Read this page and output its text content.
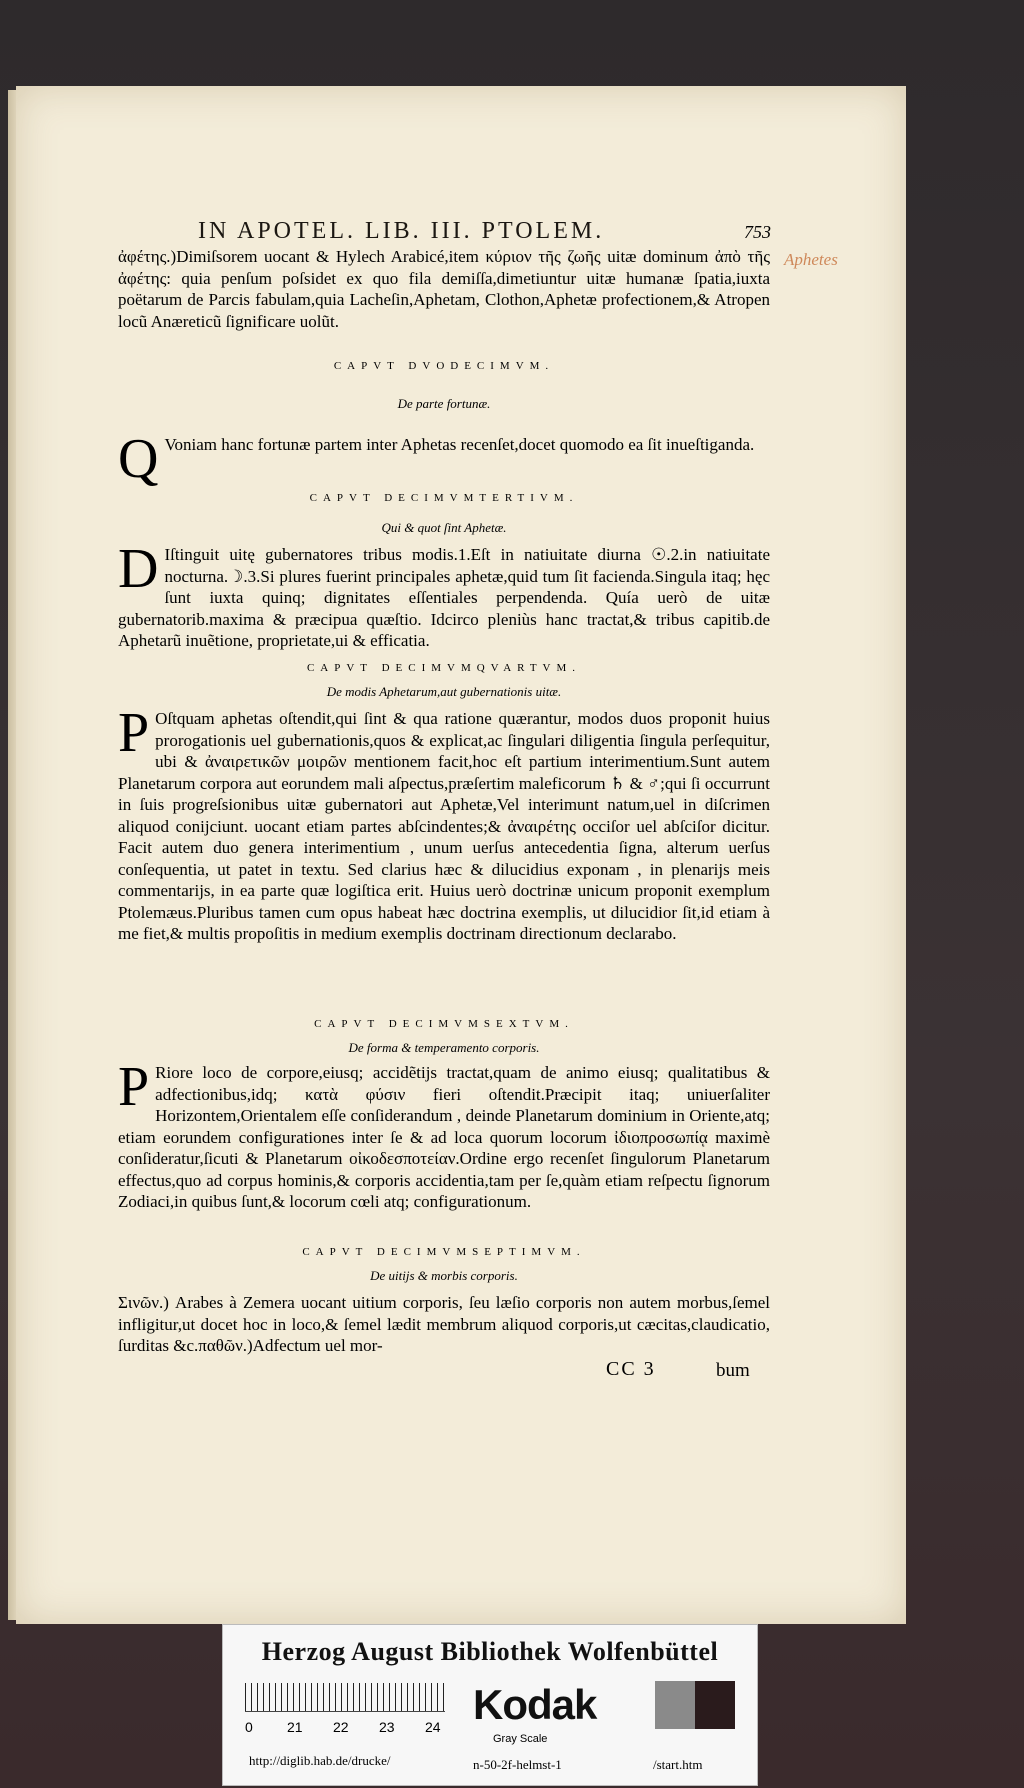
IN APOTEL. LIB. III. PTOLEM.	753
Aphetes
ἀφέτης.)Dimiſsorem uocant & Hylech Arabicé,item κύριον τῆς ζωῆς uitæ dominum ἀπὸ τῆς ἀφέτης: quia penſum poſsidet ex quo fila demiſſa,dimetiuntur uitæ humanæ ſpatia,iuxta poëtarum de Parcis fabulam,quia Lacheſin,Aphetam, Clothon,Aphetæ profectionem,& Atropen locũ Anæreticũ ſignificare uolũt.
CAPVT DVODECIMVM.
De parte fortunæ.
Q Voniam hanc fortunæ partem inter Aphetas recenſet,docet quomodo ea ſit inueſtiganda.
CAPVT DECIMVMTERTIVM.
Qui & quot ſint Aphetæ.
D Iſtinguit uitę gubernatores tribus modis.1.Eſt in natiuitate diurna ☉.2.in natiuitate nocturna.☽.3.Si plures fuerint principales aphetæ,quid tum ſit facienda.Singula itaq; hęc ſunt iuxta quinq; dignitates eſſentiales perpendenda. Quía uerò de uitæ gubernatorib.maxima & præcipua quæſtio. Idcirco pleniùs hanc tractat,& tribus capitib.de Aphetarũ inuẽtione, proprietate,ui & efficatia.
CAPVT DECIMVMQVARTVM.
De modis Aphetarum,aut gubernationis uitæ.
P Oſtquam aphetas oſtendit,qui ſint & qua ratione quærantur, modos duos proponit huius prorogationis uel gubernationis,quos & explicat,ac ſingulari diligentia ſingula perſequitur, ubi & ἀναιρετικῶν μοιρῶν mentionem facit,hoc eſt partium interimentium.Sunt autem Planetarum corpora aut eorundem mali aſpectus,præſertim maleficorum ♄ & ♂;qui ſi occurrunt in ſuis progreſsionibus uitæ gubernatori aut Aphetæ,Vel interimunt natum,uel in diſcrimen aliquod conijciunt. uocant etiam partes abſcindentes;& ἀναιρέτης occiſor uel abſciſor dicitur. Facit autem duo genera interimentium , unum uerſus antecedentia ſigna, alterum uerſus conſequentia, ut patet in textu. Sed clarius hæc & dilucidius exponam , in plenarijs meis commentarijs, in ea parte quæ logiſtica erit. Huius uerò doctrinæ unicum proponit exemplum Ptolemæus.Pluribus tamen cum opus habeat hæc doctrina exemplis, ut dilucidior ſit,id etiam à me fiet,& multis propoſitis in medium exemplis doctrinam directionum declarabo.
CAPVT DECIMVMSEXTVM.
De forma & temperamento corporis.
P Riore loco de corpore,eiusq; accidẽtijs tractat,quam de animo eiusq; qualitatibus & adfectionibus,idq; κατὰ φύσιν fieri oſtendit.Præcipit itaq; uniuerſaliter Horizontem,Orientalem eſſe conſiderandum , deinde Planetarum dominium in Oriente,atq; etiam eorundem configurationes inter ſe & ad loca quorum locorum ἰδιοπροσωπίᾳ maximè conſideratur,ſicuti & Planetarum οἰκοδεσποτείαν.Ordine ergo recenſet ſingulorum Planetarum effectus,quo ad corpus hominis,& corporis accidentia,tam per ſe,quàm etiam reſpectu ſignorum Zodiaci,in quibus ſunt,& locorum cœli atq; configurationum.
CAPVT DECIMVMSEPTIMVM.
De uitijs & morbis corporis.
Σινῶν.) Arabes à Zemera uocant uitium corporis, ſeu læſio corporis non autem morbus,ſemel infligitur,ut docet hoc in loco,& ſemel lædit membrum aliquod corporis,ut cæcitas,claudicatio, ſurditas &c.παθῶν.)Adfectum uel mor-
CC 3	bum
Herzog August Bibliothek Wolfenbüttel
0 21 22 23 24 Kodak
Gray Scale
http://diglib.hab.de/drucke/	n-50-2f-helmst-1	/start.htm
